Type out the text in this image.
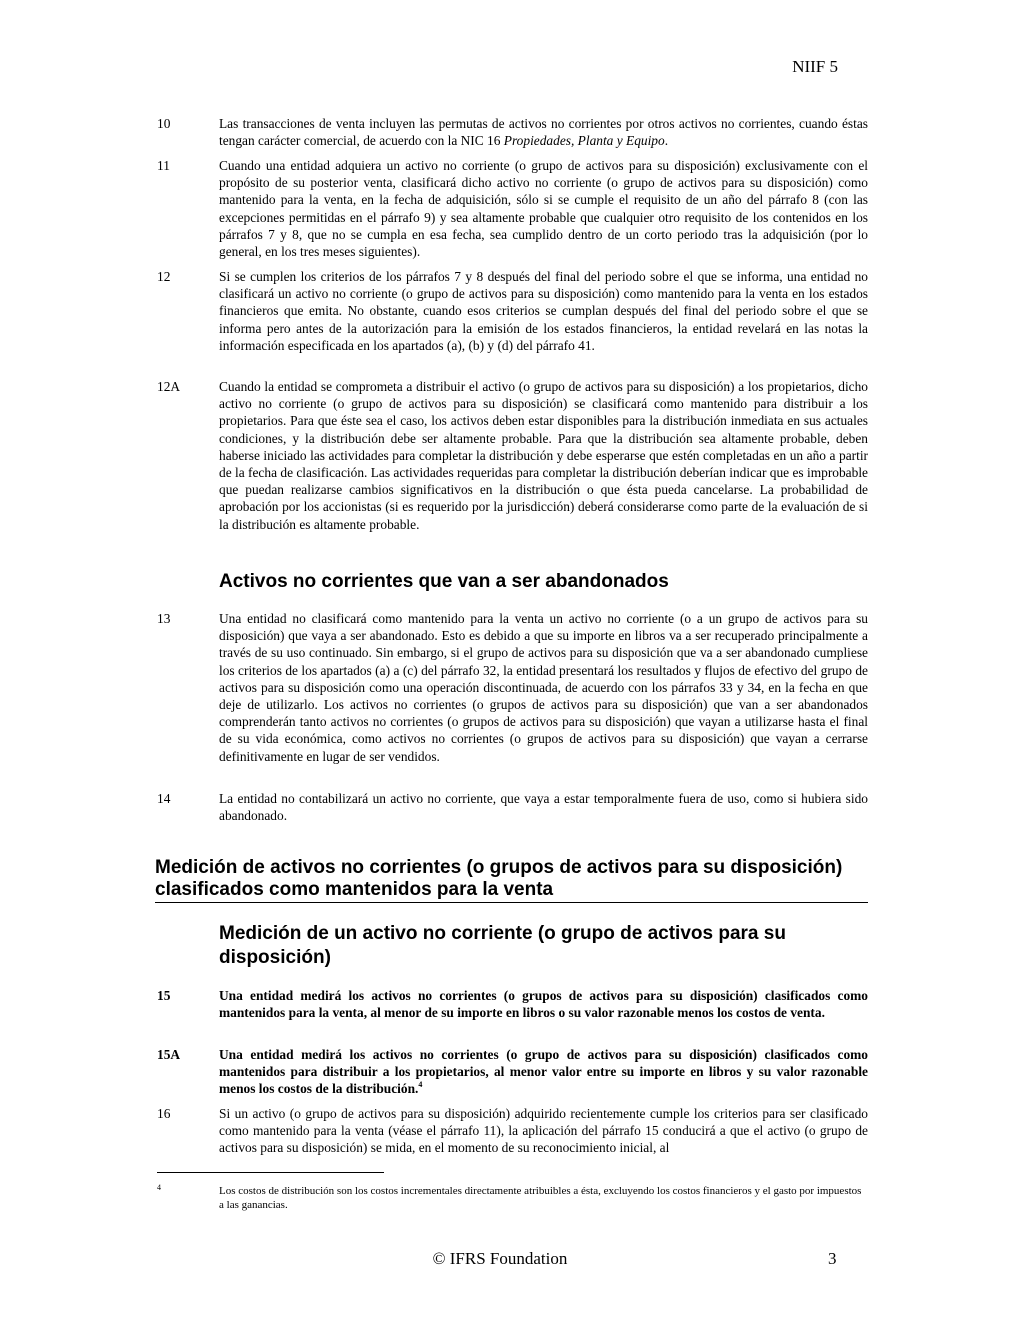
NIIF 5
10	Las transacciones de venta incluyen las permutas de activos no corrientes por otros activos no corrientes, cuando éstas tengan carácter comercial, de acuerdo con la NIC 16 Propiedades, Planta y Equipo.
11	Cuando una entidad adquiera un activo no corriente (o grupo de activos para su disposición) exclusivamente con el propósito de su posterior venta, clasificará dicho activo no corriente (o grupo de activos para su disposición) como mantenido para la venta, en la fecha de adquisición, sólo si se cumple el requisito de un año del párrafo 8 (con las excepciones permitidas en el párrafo 9) y sea altamente probable que cualquier otro requisito de los contenidos en los párrafos 7 y 8, que no se cumpla en esa fecha, sea cumplido dentro de un corto periodo tras la adquisición (por lo general, en los tres meses siguientes).
12	Si se cumplen los criterios de los párrafos 7 y 8 después del final del periodo sobre el que se informa, una entidad no clasificará un activo no corriente (o grupo de activos para su disposición) como mantenido para la venta en los estados financieros que emita. No obstante, cuando esos criterios se cumplan después del final del periodo sobre el que se informa pero antes de la autorización para la emisión de los estados financieros, la entidad revelará en las notas la información especificada en los apartados (a), (b) y (d) del párrafo 41.
12A	Cuando la entidad se comprometa a distribuir el activo (o grupo de activos para su disposición) a los propietarios, dicho activo no corriente (o grupo de activos para su disposición) se clasificará como mantenido para distribuir a los propietarios. Para que éste sea el caso, los activos deben estar disponibles para la distribución inmediata en sus actuales condiciones, y la distribución debe ser altamente probable. Para que la distribución sea altamente probable, deben haberse iniciado las actividades para completar la distribución y debe esperarse que estén completadas en un año a partir de la fecha de clasificación. Las actividades requeridas para completar la distribución deberían indicar que es improbable que puedan realizarse cambios significativos en la distribución o que ésta pueda cancelarse. La probabilidad de aprobación por los accionistas (si es requerido por la jurisdicción) deberá considerarse como parte de la evaluación de si la distribución es altamente probable.
Activos no corrientes que van a ser abandonados
13	Una entidad no clasificará como mantenido para la venta un activo no corriente (o a un grupo de activos para su disposición) que vaya a ser abandonado. Esto es debido a que su importe en libros va a ser recuperado principalmente a través de su uso continuado. Sin embargo, si el grupo de activos para su disposición que va a ser abandonado cumpliese los criterios de los apartados (a) a (c) del párrafo 32, la entidad presentará los resultados y flujos de efectivo del grupo de activos para su disposición como una operación discontinuada, de acuerdo con los párrafos 33 y 34, en la fecha en que deje de utilizarlo. Los activos no corrientes (o grupos de activos para su disposición) que van a ser abandonados comprenderán tanto activos no corrientes (o grupos de activos para su disposición) que vayan a utilizarse hasta el final de su vida económica, como activos no corrientes (o grupos de activos para su disposición) que vayan a cerrarse definitivamente en lugar de ser vendidos.
14	La entidad no contabilizará un activo no corriente, que vaya a estar temporalmente fuera de uso, como si hubiera sido abandonado.
Medición de activos no corrientes (o grupos de activos para su disposición) clasificados como mantenidos para la venta
Medición de un activo no corriente (o grupo de activos para su disposición)
15	Una entidad medirá los activos no corrientes (o grupos de activos para su disposición) clasificados como mantenidos para la venta, al menor de su importe en libros o su valor razonable menos los costos de venta.
15A	Una entidad medirá los activos no corrientes (o grupo de activos para su disposición) clasificados como mantenidos para distribuir a los propietarios, al menor valor entre su importe en libros y su valor razonable menos los costos de la distribución.$^4$
16	Si un activo (o grupo de activos para su disposición) adquirido recientemente cumple los criterios para ser clasificado como mantenido para la venta (véase el párrafo 11), la aplicación del párrafo 15 conducirá a que el activo (o grupo de activos para su disposición) se mida, en el momento de su reconocimiento inicial, al
4	Los costos de distribución son los costos incrementales directamente atribuibles a ésta, excluyendo los costos financieros y el gasto por impuestos a las ganancias.
© IFRS Foundation	3
